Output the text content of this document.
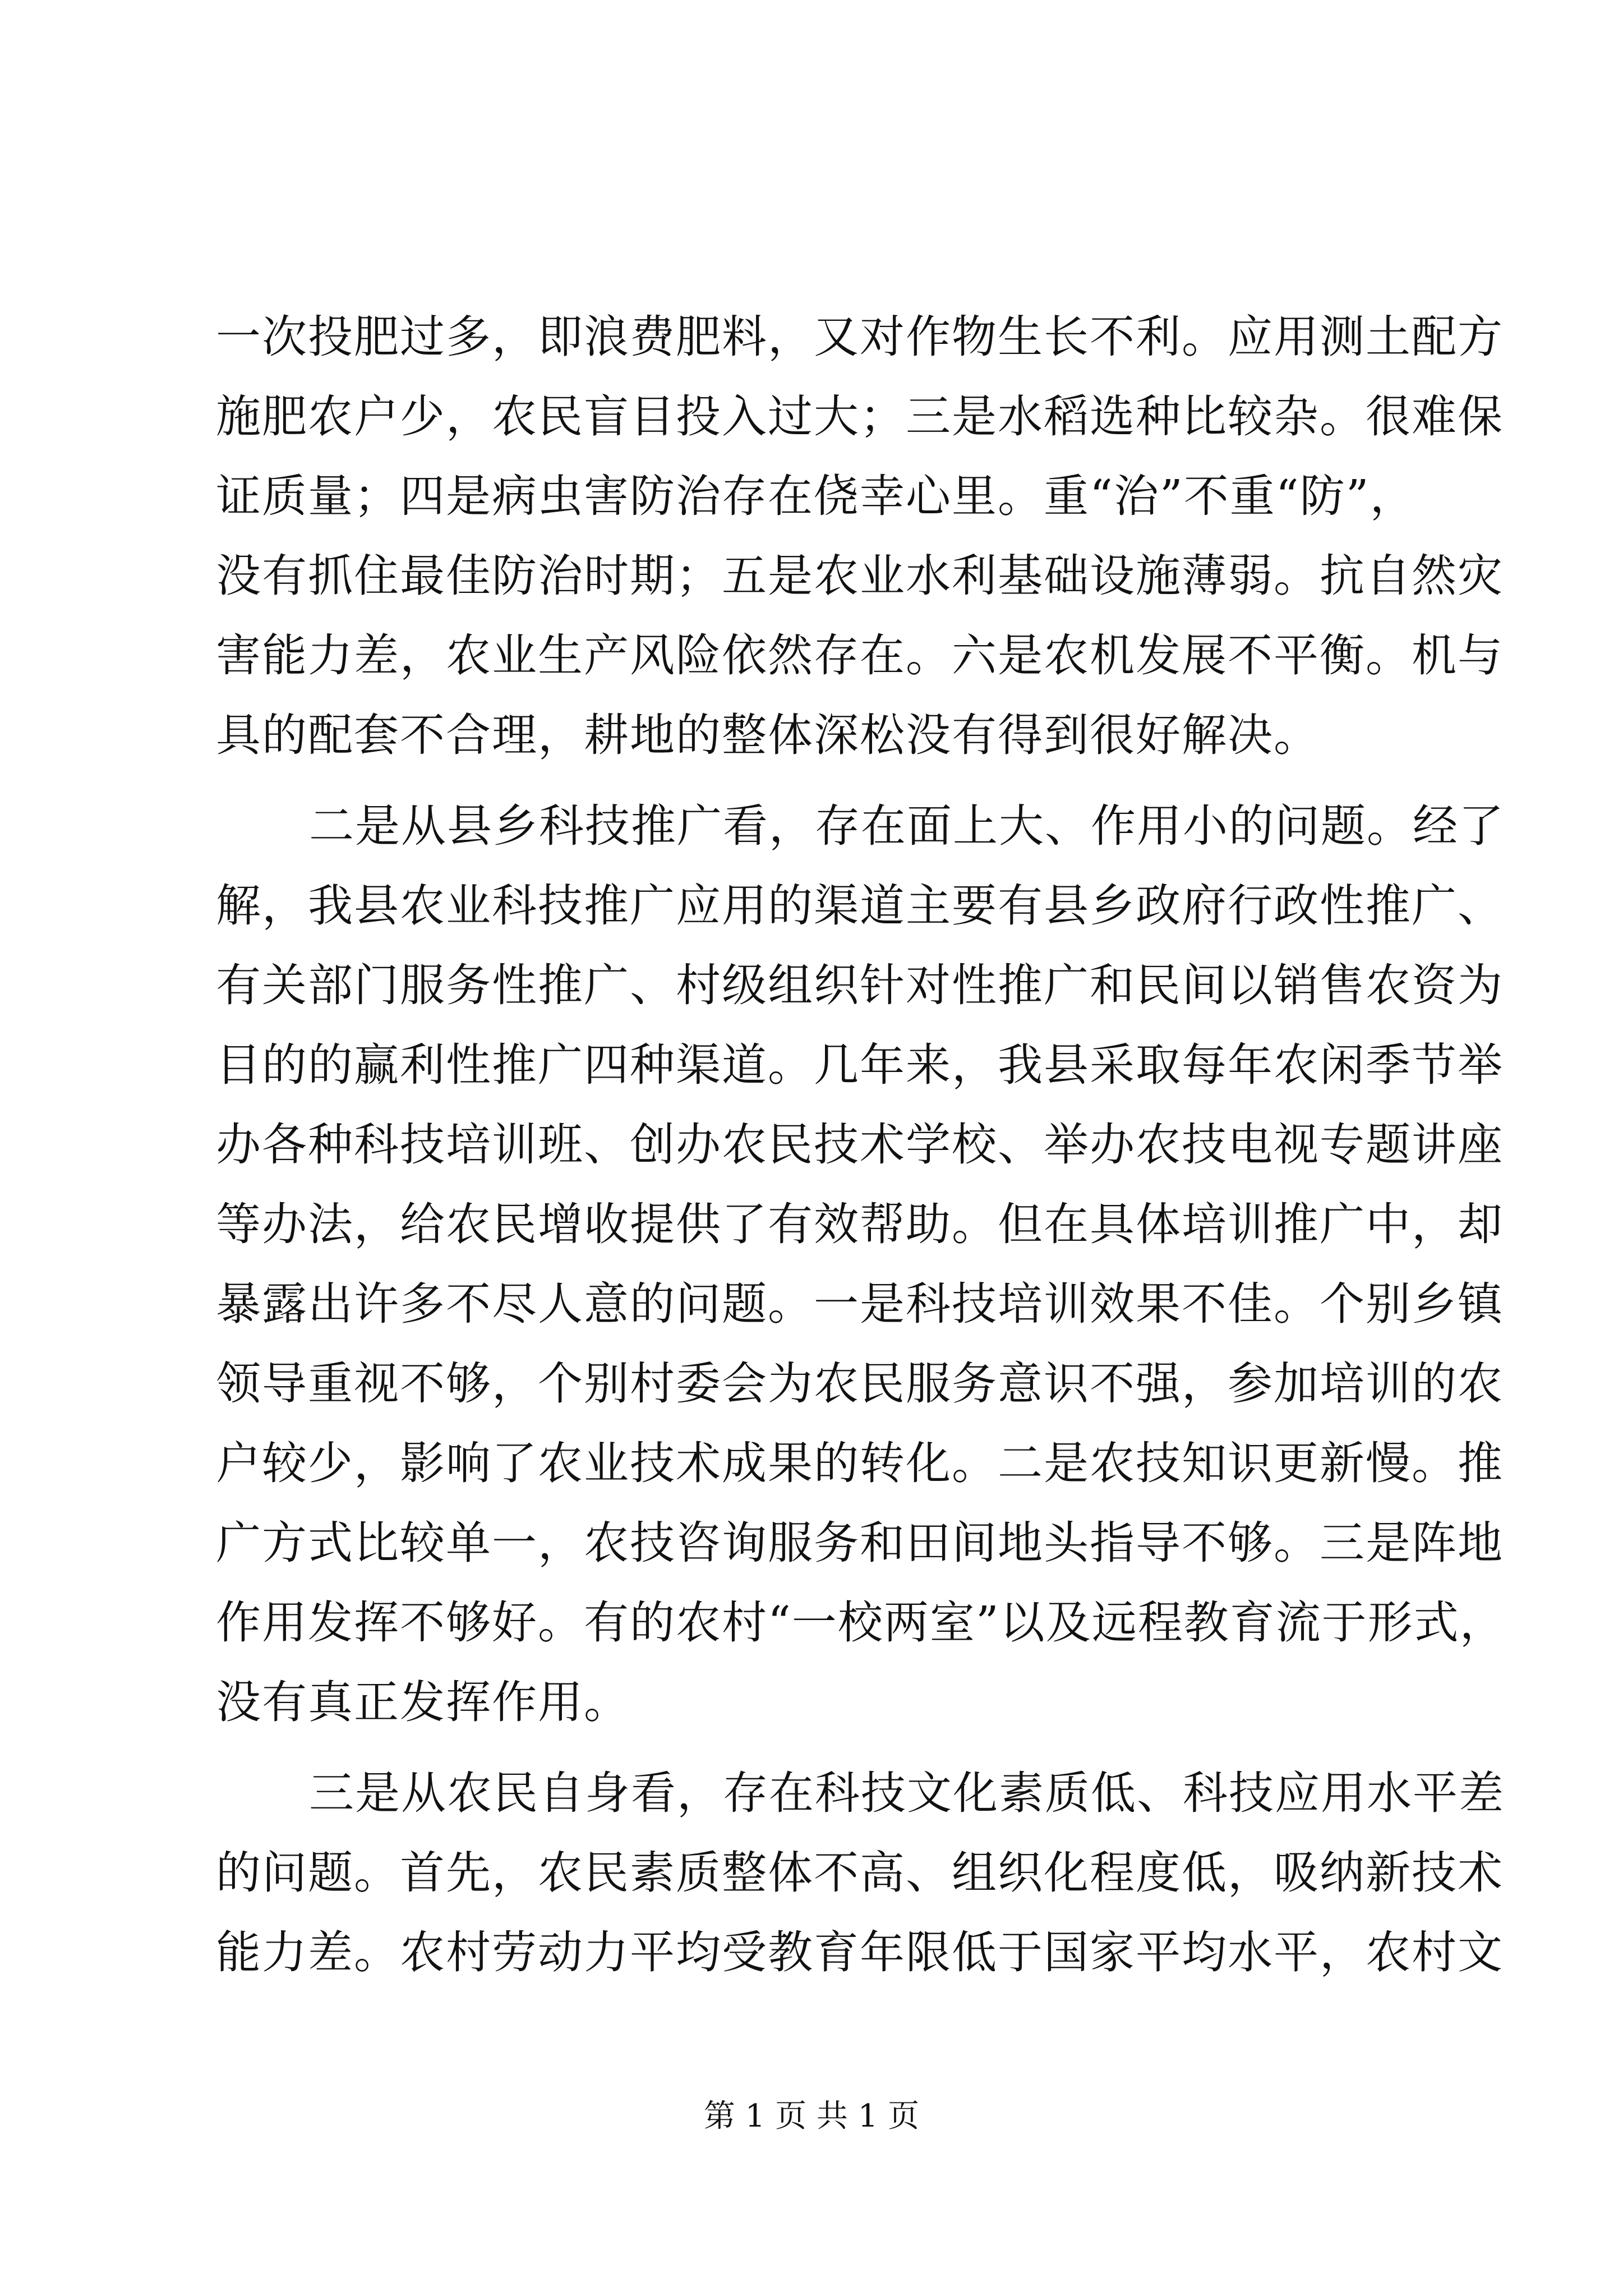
一次投肥过多，即浪费肥料，又对作物生长不利。应用测土配方
施肥农户少，农民盲目投入过大；三是水稻选种比较杂。很难保
证质量；四是病虫害防治存在侥幸心里。重“治”不重“防”，
没有抓住最佳防治时期；五是农业水利基础设施薄弱。抗自然灾
害能力差，农业生产风险依然存在。六是农机发展不平衡。机与
具的配套不合理，耕地的整体深松没有得到很好解决。
二是从县乡科技推广看，存在面上大、作用小的问题。经了
解，我县农业科技推广应用的渠道主要有县乡政府行政性推广、
有关部门服务性推广、村级组织针对性推广和民间以销售农资为
目的的赢利性推广四种渠道。几年来，我县采取每年农闲季节举
办各种科技培训班、创办农民技术学校、举办农技电视专题讲座
等办法，给农民增收提供了有效帮助。但在具体培训推广中，却
暴露出许多不尽人意的问题。一是科技培训效果不佳。个别乡镇
领导重视不够，个别村委会为农民服务意识不强，参加培训的农
户较少，影响了农业技术成果的转化。二是农技知识更新慢。推
广方式比较单一，农技咨询服务和田间地头指导不够。三是阵地
作用发挥不够好。有的农村“一校两室”以及远程教育流于形式，
没有真正发挥作用。
三是从农民自身看，存在科技文化素质低、科技应用水平差
的问题。首先，农民素质整体不高、组织化程度低，吸纳新技术
能力差。农村劳动力平均受教育年限低于国家平均水平，农村文
第 1 页 共 1 页
